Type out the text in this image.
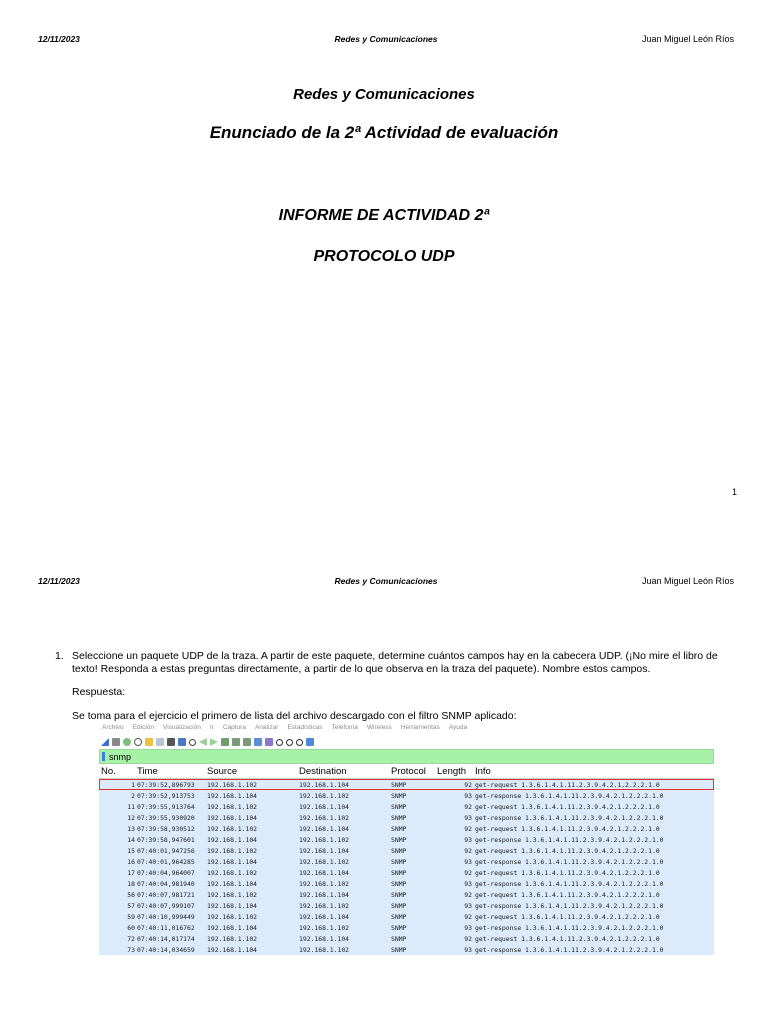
12/11/2023	Redes y Comunicaciones	Juan Miguel León Ríos
Redes y Comunicaciones
Enunciado de la 2ª Actividad de evaluación
INFORME DE ACTIVIDAD 2ª
PROTOCOLO UDP
1
12/11/2023	Redes y Comunicaciones	Juan Miguel León Ríos
1. Seleccione un paquete UDP de la traza. A partir de este paquete, determine cuántos campos hay en la cabecera UDP. (¡No mire el libro de
texto! Responda a estas preguntas directamente, a partir de lo que observa en la traza del paquete). Nombre estos campos.
Respuesta:
Se toma para el ejercicio el primero de lista del archivo descargado con el filtro SNMP aplicado:
Archivo Edición Visualización Ir Captura Analizar Estadísticas Telefonía Wireless Herramientas Ayuda
snmp
No.	Time	Source	Destination	Protocol	Length Info
1 07:39:52,896793	192.168.1.102	192.168.1.104	SNMP	92 get-request 1.3.6.1.4.1.11.2.3.9.4.2.1.2.2.2.1.0
2 07:39:52,913753	192.168.1.104	192.168.1.102	SNMP	93 get-response 1.3.6.1.4.1.11.2.3.9.4.2.1.2.2.2.1.0
11 07:39:55,913764	192.168.1.102	192.168.1.104	SNMP	92 get-request 1.3.6.1.4.1.11.2.3.9.4.2.1.2.2.2.1.0
12 07:39:55,930920	192.168.1.104	192.168.1.102	SNMP	93 get-response 1.3.6.1.4.1.11.2.3.9.4.2.1.2.2.2.1.0
13 07:39:58,930512	192.168.1.102	192.168.1.104	SNMP	92 get-request 1.3.6.1.4.1.11.2.3.9.4.2.1.2.2.2.1.0
14 07:39:58,947601	192.168.1.104	192.168.1.102	SNMP	93 get-response 1.3.6.1.4.1.11.2.3.9.4.2.1.2.2.2.1.0
15 07:40:01,947256	192.168.1.102	192.168.1.104	SNMP	92 get-request 1.3.6.1.4.1.11.2.3.9.4.2.1.2.2.2.1.0
16 07:40:01,964285	192.168.1.104	192.168.1.102	SNMP	93 get-response 1.3.6.1.4.1.11.2.3.9.4.2.1.2.2.2.1.0
17 07:40:04,964007	192.168.1.102	192.168.1.104	SNMP	92 get-request 1.3.6.1.4.1.11.2.3.9.4.2.1.2.2.2.1.0
18 07:40:04,981940	192.168.1.104	192.168.1.102	SNMP	93 get-response 1.3.6.1.4.1.11.2.3.9.4.2.1.2.2.2.1.0
56 07:40:07,981721	192.168.1.102	192.168.1.104	SNMP	92 get-request 1.3.6.1.4.1.11.2.3.9.4.2.1.2.2.2.1.0
57 07:40:07,999107	192.168.1.104	192.168.1.102	SNMP	93 get-response 1.3.6.1.4.1.11.2.3.9.4.2.1.2.2.2.1.0
59 07:40:10,999449	192.168.1.102	192.168.1.104	SNMP	92 get-request 1.3.6.1.4.1.11.2.3.9.4.2.1.2.2.2.1.0
60 07:40:11,016762	192.168.1.104	192.168.1.102	SNMP	93 get-response 1.3.6.1.4.1.11.2.3.9.4.2.1.2.2.2.1.0
72 07:40:14,017174	192.168.1.102	192.168.1.104	SNMP	92 get-request 1.3.6.1.4.1.11.2.3.9.4.2.1.2.2.2.1.0
73 07:40:14,034659	192.168.1.104	192.168.1.102	SNMP	93 get-response 1.3.6.1.4.1.11.2.3.9.4.2.1.2.2.2.1.0
